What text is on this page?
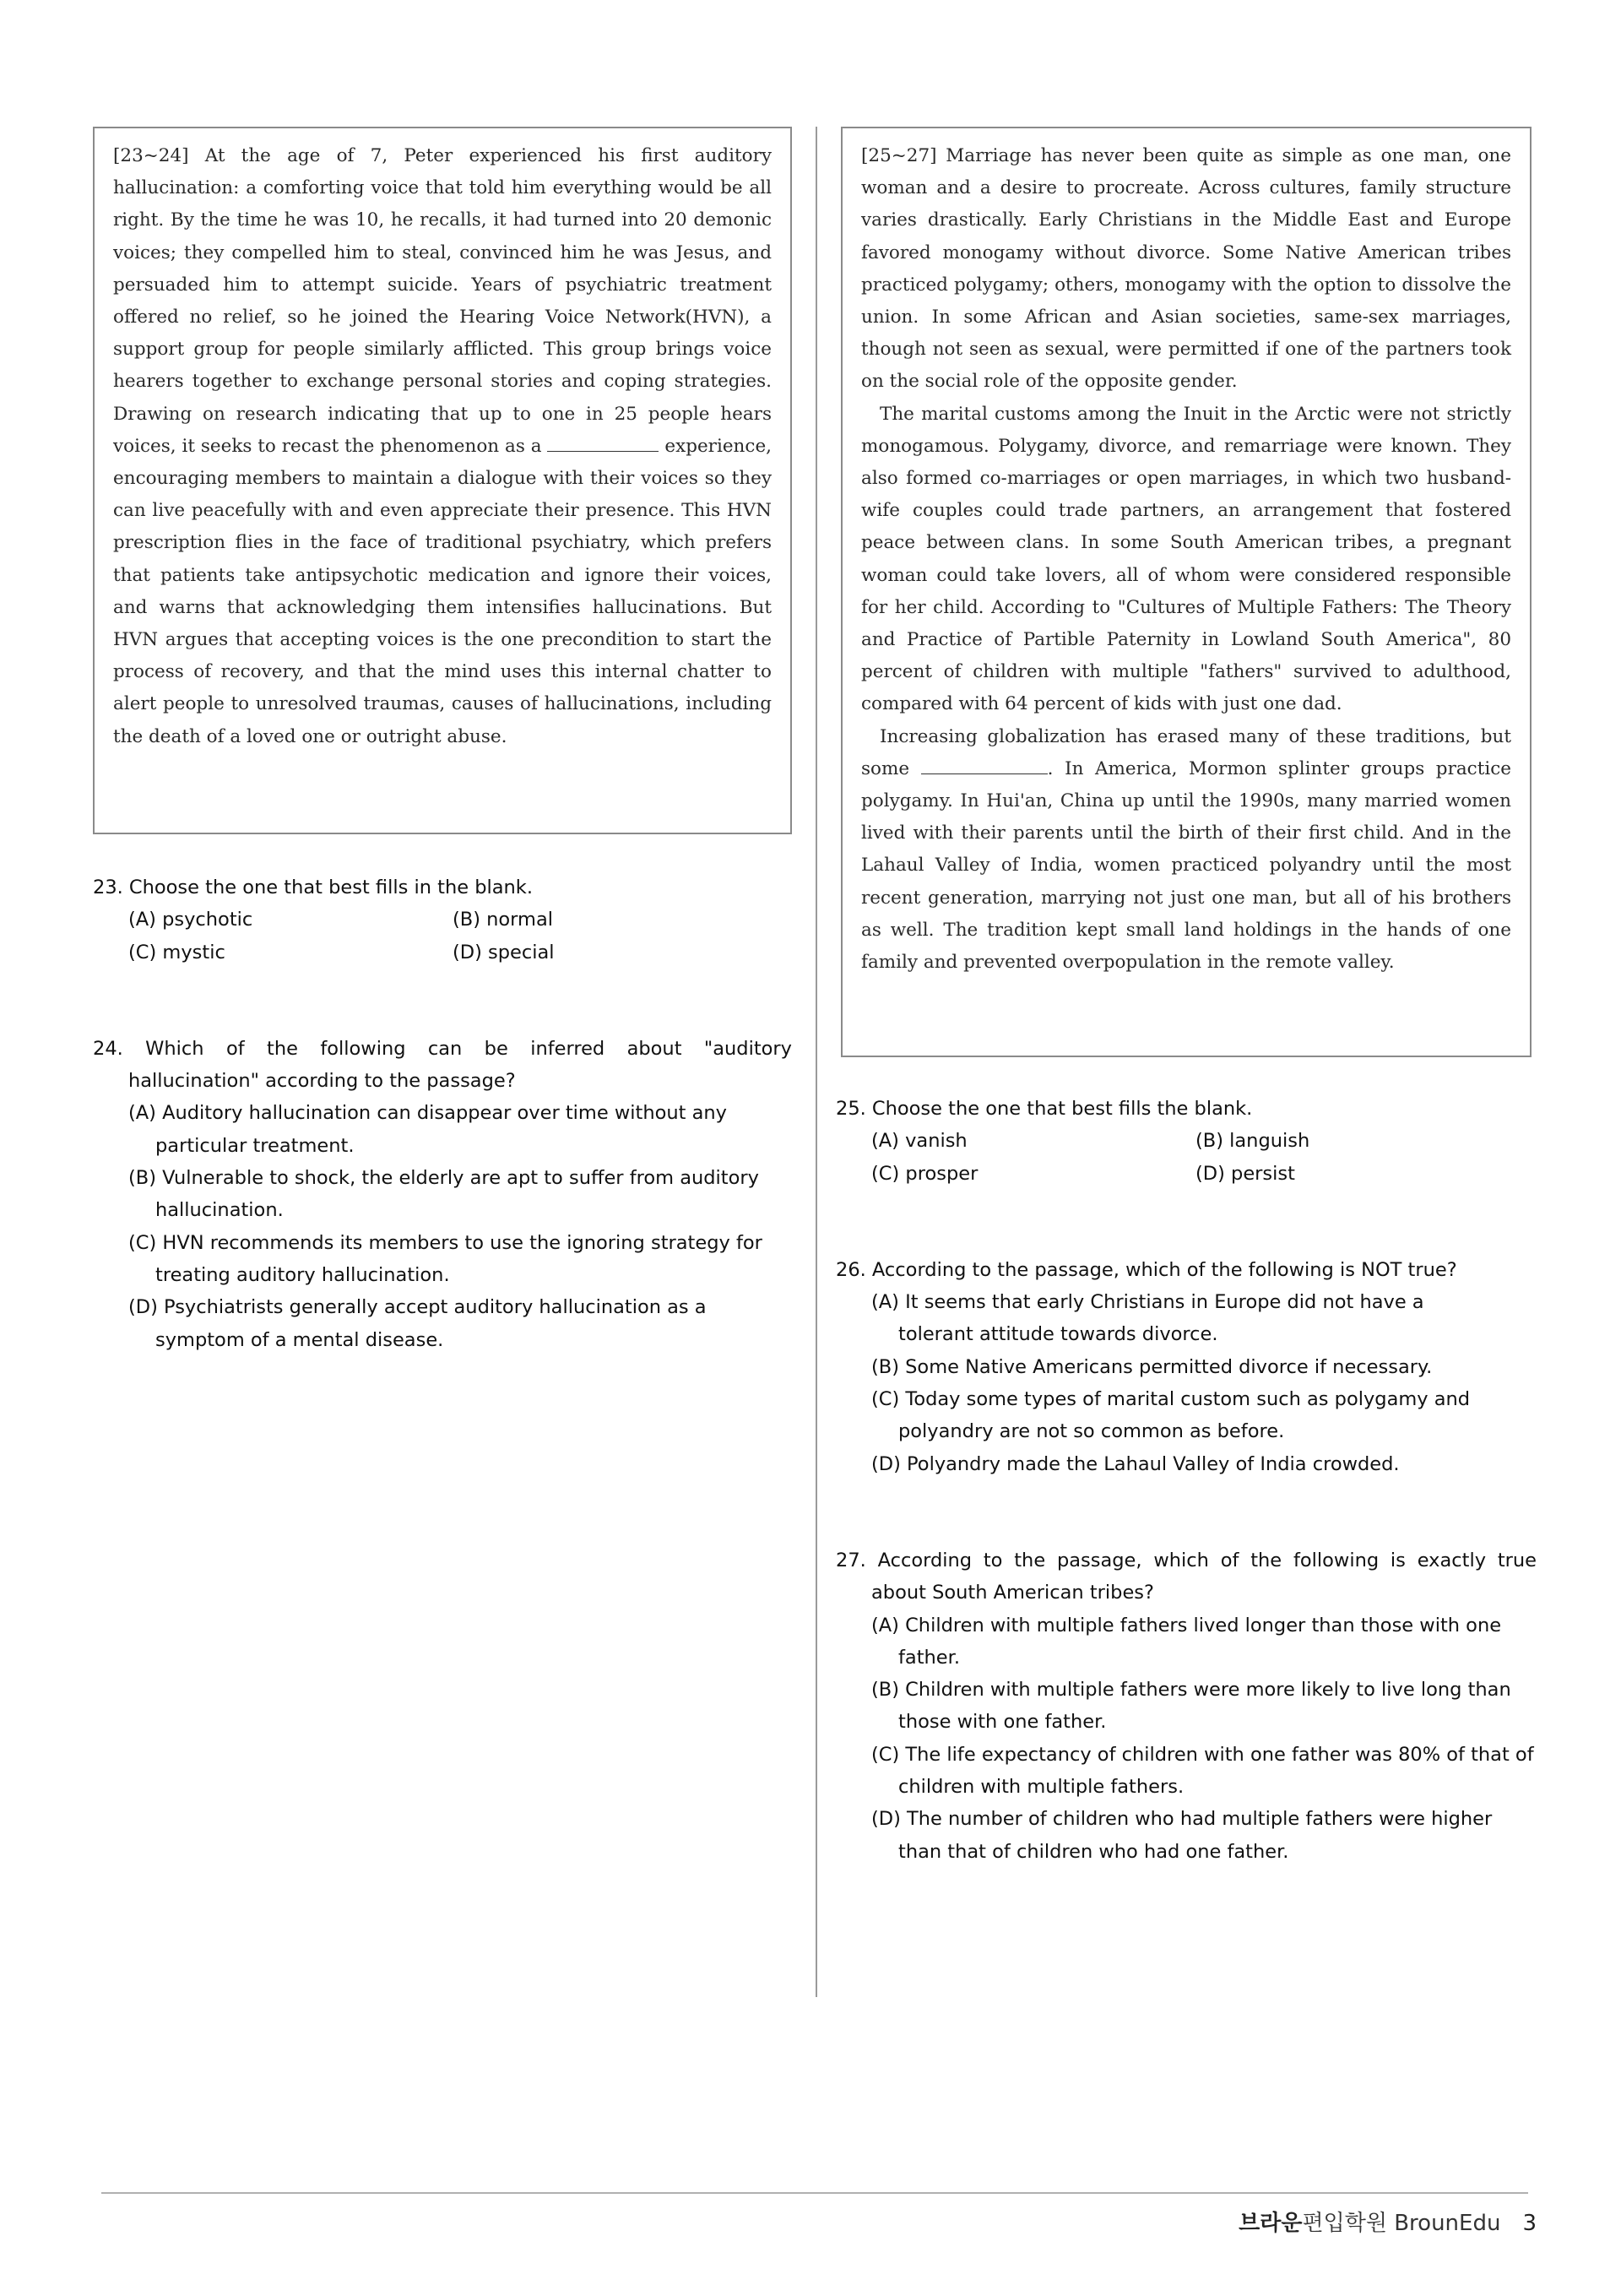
[23~24] At the age of 7, Peter experienced his first auditory hallucination: a comforting voice that told him everything would be all right. By the time he was 10, he recalls, it had turned into 20 demonic voices; they compelled him to steal, convinced him he was Jesus, and persuaded him to attempt suicide. Years of psychiatric treatment offered no relief, so he joined the Hearing Voice Network(HVN), a support group for people similarly afflicted. This group brings voice hearers together to exchange personal stories and coping strategies. Drawing on research indicating that up to one in 25 people hears voices, it seeks to recast the phenomenon as a	experience, encouraging members to maintain a dialogue with their voices so they can live peacefully with and even appreciate their presence. This HVN prescription flies in the face of traditional psychiatry, which prefers that patients take antipsychotic medication and ignore their voices, and warns that acknowledging them intensifies hallucinations. But HVN argues that accepting voices is the one precondition to start the process of recovery, and that the mind uses this internal chatter to alert people to unresolved traumas, causes of hallucinations, including the death of a loved one or outright abuse.

23. Choose the one that best fills in the blank.
(A) psychotic	(B) normal
(C) mystic	(D) special
24. Which of the following can be inferred about "auditory
hallucination" according to the passage?
(A) Auditory hallucination can disappear over time without any particular treatment.
(B) Vulnerable to shock, the elderly are apt to suffer from auditory hallucination.
(C) HVN recommends its members to use the ignoring strategy for treating auditory hallucination.
(D) Psychiatrists generally accept auditory hallucination as a symptom of a mental disease.

[25~27] Marriage has never been quite as simple as one man, one woman and a desire to procreate. Across cultures, family structure varies drastically. Early Christians in the Middle East and Europe favored monogamy without divorce. Some Native American tribes practiced polygamy; others, monogamy with the option to dissolve the union. In some African and Asian societies, same-sex marriages, though not seen as sexual, were permitted if one of the partners took on the social role of the opposite gender.

The marital customs among the Inuit in the Arctic were not strictly monogamous. Polygamy, divorce, and remarriage were known. They also formed co-marriages or open marriages, in which two husband-wife couples could trade partners, an arrangement that fostered peace between clans. In some South American tribes, a pregnant woman could take lovers, all of whom were considered responsible for her child. According to "Cultures of Multiple Fathers: The Theory and Practice of Partible Paternity in Lowland South America", 80 percent of children with multiple "fathers" survived to adulthood, compared with 64 percent of kids with just one dad.

Increasing globalization has erased many of these traditions, but some	. In America, Mormon splinter groups practice polygamy. In Hui'an, China up until the 1990s, many married women lived with their parents until the birth of their first child. And in the Lahaul Valley of India, women practiced polyandry until the most recent generation, marrying not just one man, but all of his brothers as well. The tradition kept small land holdings in the hands of one family and prevented overpopulation in the remote valley.

25. Choose the one that best fills the blank.
(A) vanish	(B) languish
(C) prosper	(D) persist
26. According to the passage, which of the following is NOT true?
(A) It seems that early Christians in Europe did not have a tolerant attitude towards divorce.
(B) Some Native Americans permitted divorce if necessary.
(C) Today some types of marital custom such as polygamy and polyandry are not so common as before.
(D) Polyandry made the Lahaul Valley of India crowded.
27. According to the passage, which of the following is exactly true
about South American tribes?
(A) Children with multiple fathers lived longer than those with one father.
(B) Children with multiple fathers were more likely to live long than those with one father.
(C) The life expectancy of children with one father was 80% of that of children with multiple fathers.
(D) The number of children who had multiple fathers were higher than that of children who had one father.
브라운편입학원 BrounEdu 3
